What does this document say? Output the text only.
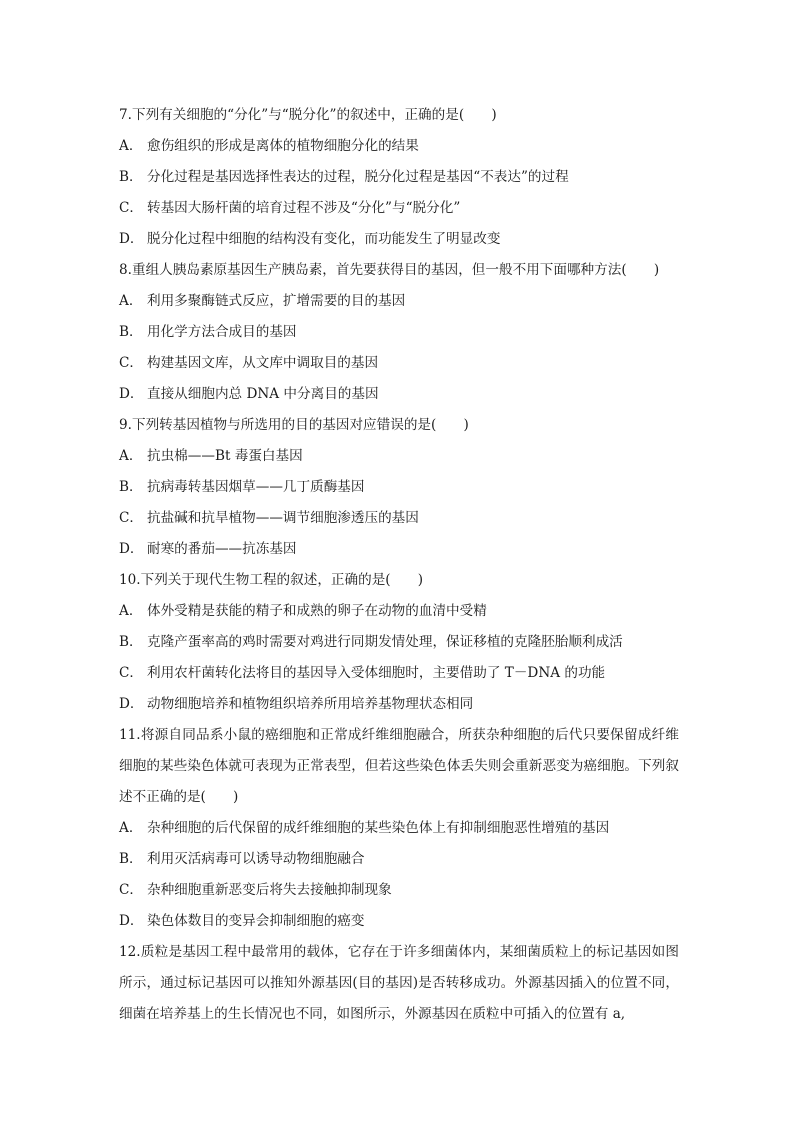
7.下列有关细胞的“分化”与“脱分化”的叙述中，正确的是(　　)
A． 愈伤组织的形成是离体的植物细胞分化的结果
B． 分化过程是基因选择性表达的过程，脱分化过程是基因“不表达”的过程
C． 转基因大肠杆菌的培育过程不涉及“分化”与“脱分化”
D． 脱分化过程中细胞的结构没有变化，而功能发生了明显改变
8.重组人胰岛素原基因生产胰岛素，首先要获得目的基因，但一般不用下面哪种方法(　　)
A． 利用多聚酶链式反应，扩增需要的目的基因
B． 用化学方法合成目的基因
C． 构建基因文库，从文库中调取目的基因
D． 直接从细胞内总 DNA 中分离目的基因
9.下列转基因植物与所选用的目的基因对应错误的是(　　)
A． 抗虫棉——Bt 毒蛋白基因
B． 抗病毒转基因烟草——几丁质酶基因
C． 抗盐碱和抗旱植物——调节细胞渗透压的基因
D． 耐寒的番茄——抗冻基因
10.下列关于现代生物工程的叙述，正确的是(　　)
A． 体外受精是获能的精子和成熟的卵子在动物的血清中受精
B． 克隆产蛋率高的鸡时需要对鸡进行同期发情处理，保证移植的克隆胚胎顺利成活
C． 利用农杆菌转化法将目的基因导入受体细胞时，主要借助了 T－DNA 的功能
D． 动物细胞培养和植物组织培养所用培养基物理状态相同
11.将源自同品系小鼠的癌细胞和正常成纤维细胞融合，所获杂种细胞的后代只要保留成纤维细胞的某些染色体就可表现为正常表型，但若这些染色体丢失则会重新恶变为癌细胞。下列叙述不正确的是(　　)
A． 杂种细胞的后代保留的成纤维细胞的某些染色体上有抑制细胞恶性增殖的基因
B． 利用灭活病毒可以诱导动物细胞融合
C． 杂种细胞重新恶变后将失去接触抑制现象
D． 染色体数目的变异会抑制细胞的癌变
12.质粒是基因工程中最常用的载体，它存在于许多细菌体内，某细菌质粒上的标记基因如图所示，通过标记基因可以推知外源基因(目的基因)是否转移成功。外源基因插入的位置不同，细菌在培养基上的生长情况也不同，如图所示，外源基因在质粒中可插入的位置有 a,
